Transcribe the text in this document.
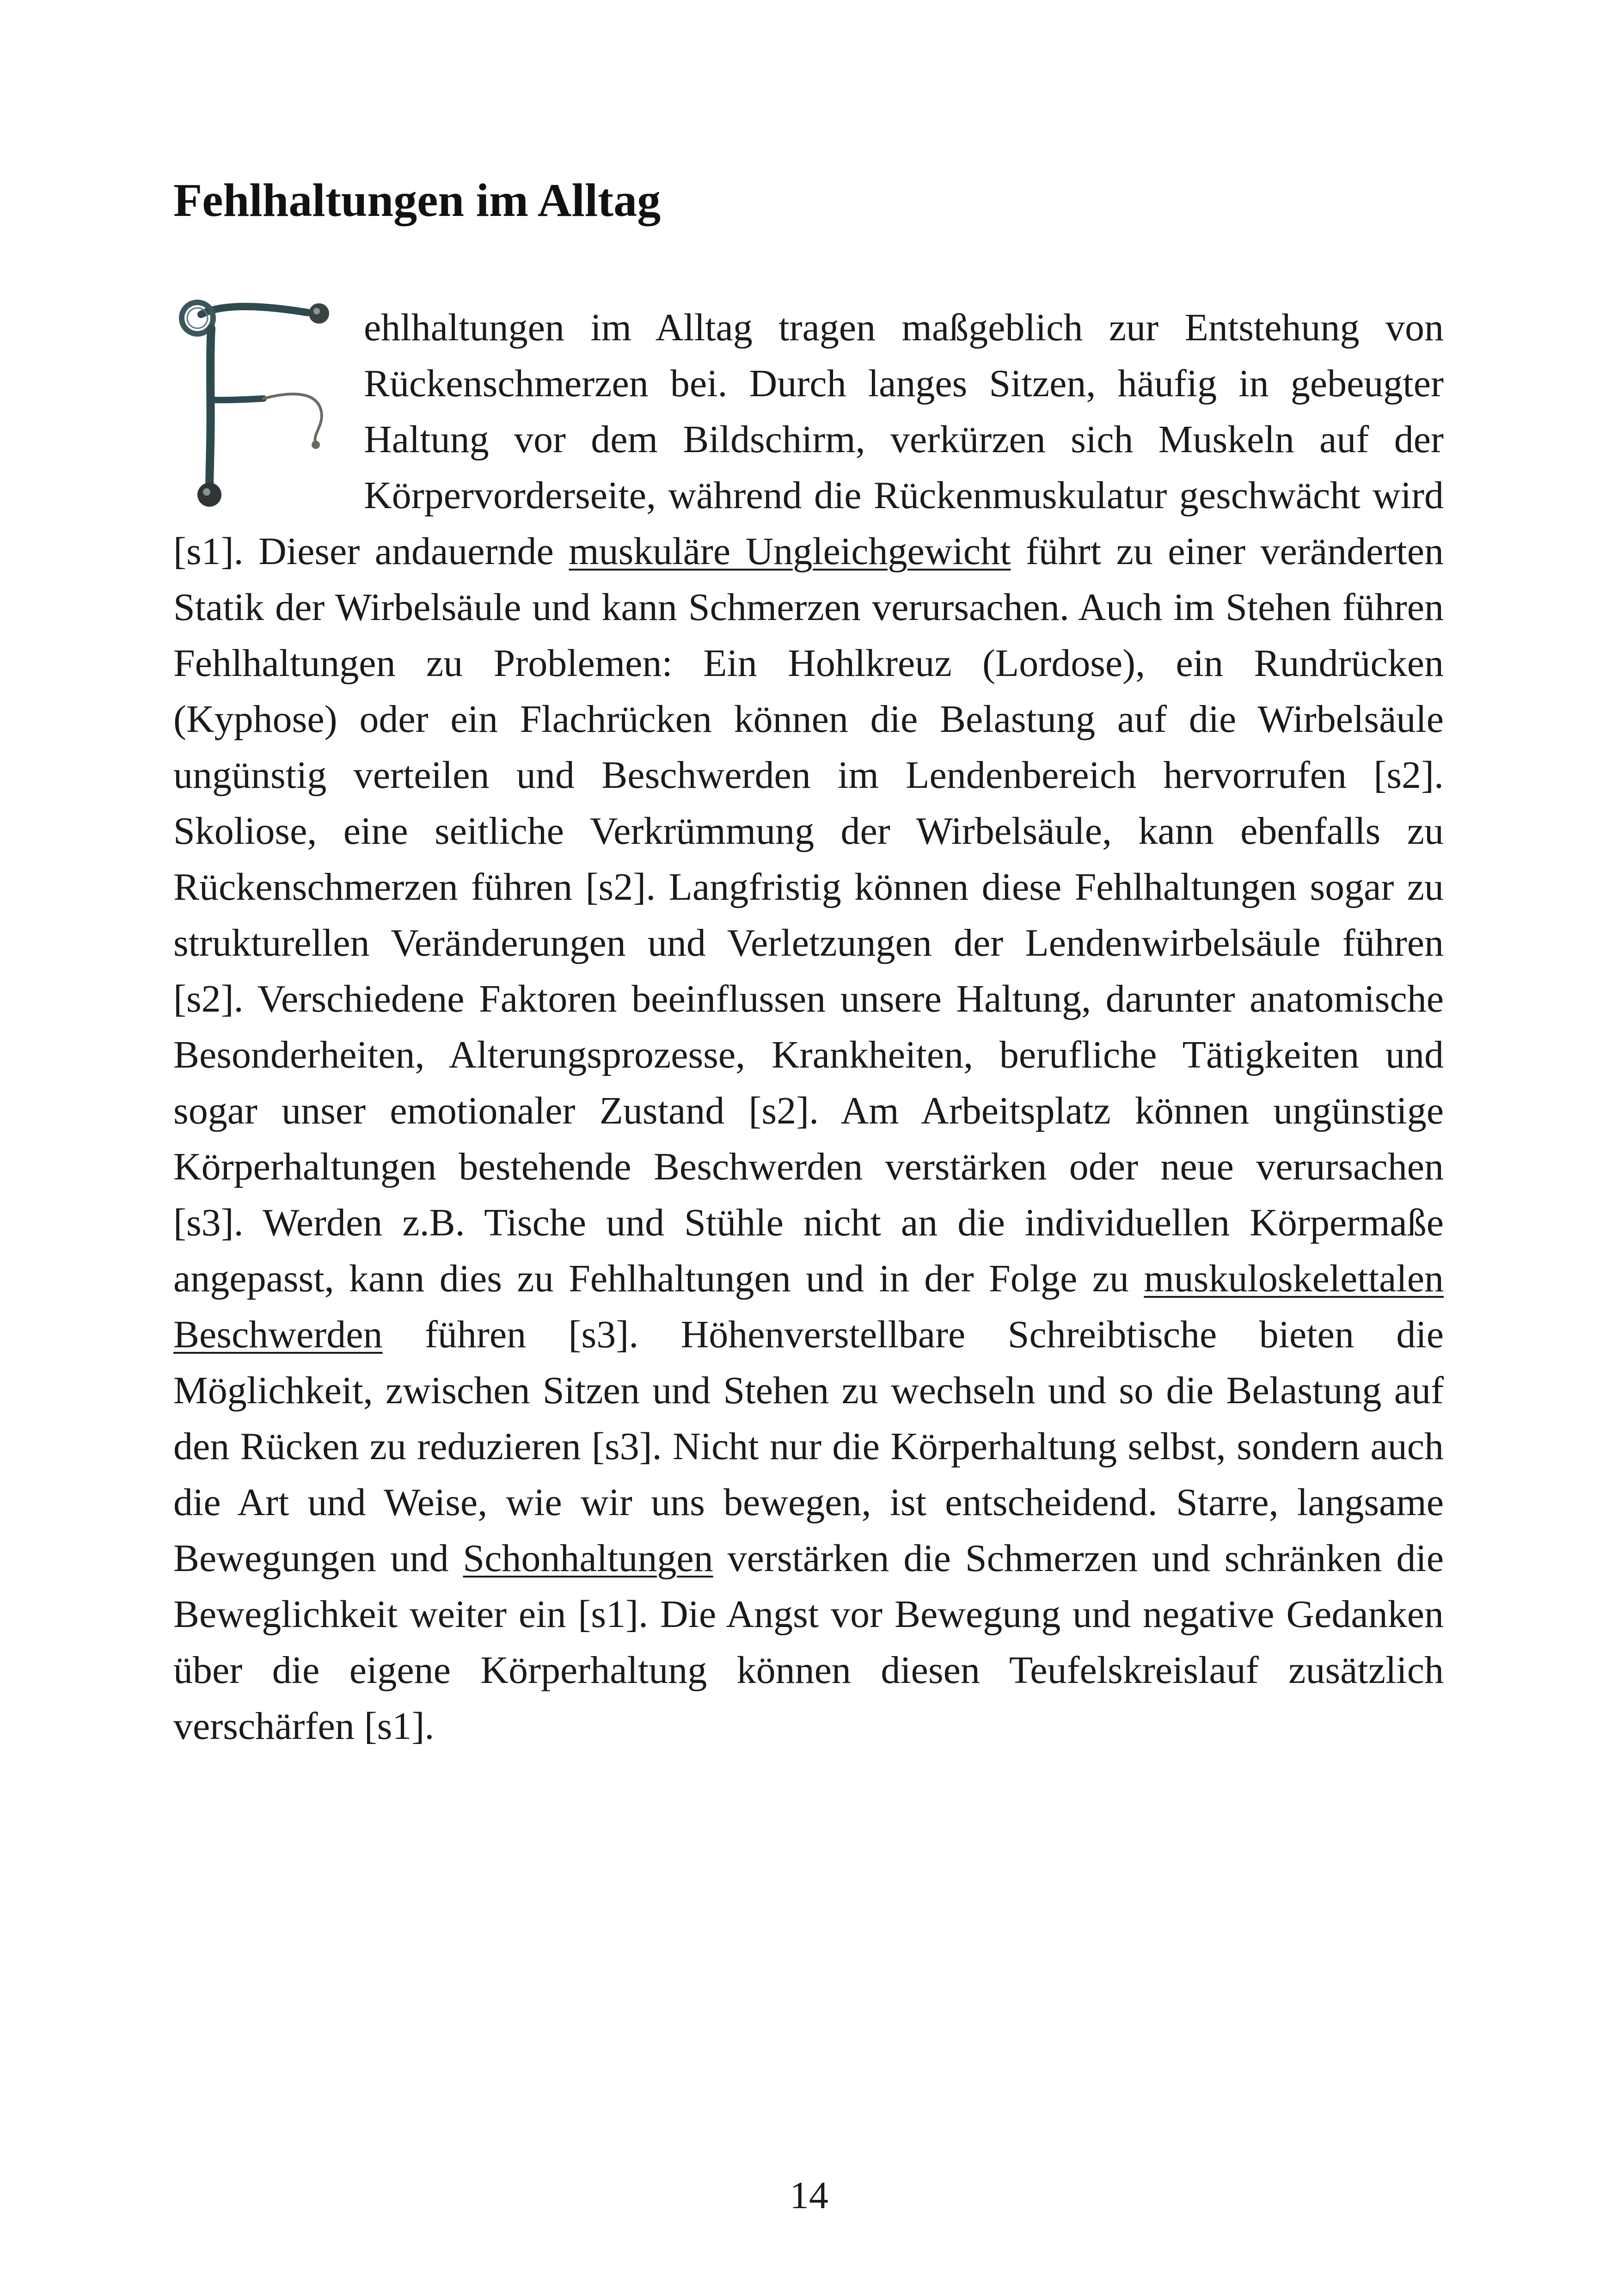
Fehlhaltungen im Alltag

ehlhaltungen im Alltag tragen maßgeblich zur Entstehung von Rückenschmerzen bei. Durch langes Sitzen, häufig in gebeugter Haltung vor dem Bildschirm, verkürzen sich Muskeln auf der Körpervorderseite, während die Rückenmuskulatur geschwächt wird [s1]. Dieser andauernde muskuläre Ungleichgewicht führt zu einer veränderten Statik der Wirbelsäule und kann Schmerzen verursachen. Auch im Stehen führen Fehlhaltungen zu Problemen: Ein Hohlkreuz (Lordose), ein Rundrücken (Kyphose) oder ein Flachrücken können die Belastung auf die Wirbelsäule ungünstig verteilen und Beschwerden im Lendenbereich hervorrufen [s2]. Skoliose, eine seitliche Verkrümmung der Wirbelsäule, kann ebenfalls zu Rückenschmerzen führen [s2]. Langfristig können diese Fehlhaltungen sogar zu strukturellen Veränderungen und Verletzungen der Lendenwirbelsäule führen [s2]. Verschiedene Faktoren beeinflussen unsere Haltung, darunter anatomische Besonderheiten, Alterungsprozesse, Krankheiten, berufliche Tätigkeiten und sogar unser emotionaler Zustand [s2]. Am Arbeitsplatz können ungünstige Körperhaltungen bestehende Beschwerden verstärken oder neue verursachen [s3]. Werden z.B. Tische und Stühle nicht an die individuellen Körpermaße angepasst, kann dies zu Fehlhaltungen und in der Folge zu muskuloskelettalen Beschwerden führen [s3]. Höhenverstellbare Schreibtische bieten die Möglichkeit, zwischen Sitzen und Stehen zu wechseln und so die Belastung auf den Rücken zu reduzieren [s3]. Nicht nur die Körperhaltung selbst, sondern auch die Art und Weise, wie wir uns bewegen, ist entscheidend. Starre, langsame Bewegungen und Schonhaltungen verstärken die Schmerzen und schränken die Beweglichkeit weiter ein [s1]. Die Angst vor Bewegung und negative Gedanken über die eigene Körperhaltung können diesen Teufelskreislauf zusätzlich verschärfen [s1].

14
